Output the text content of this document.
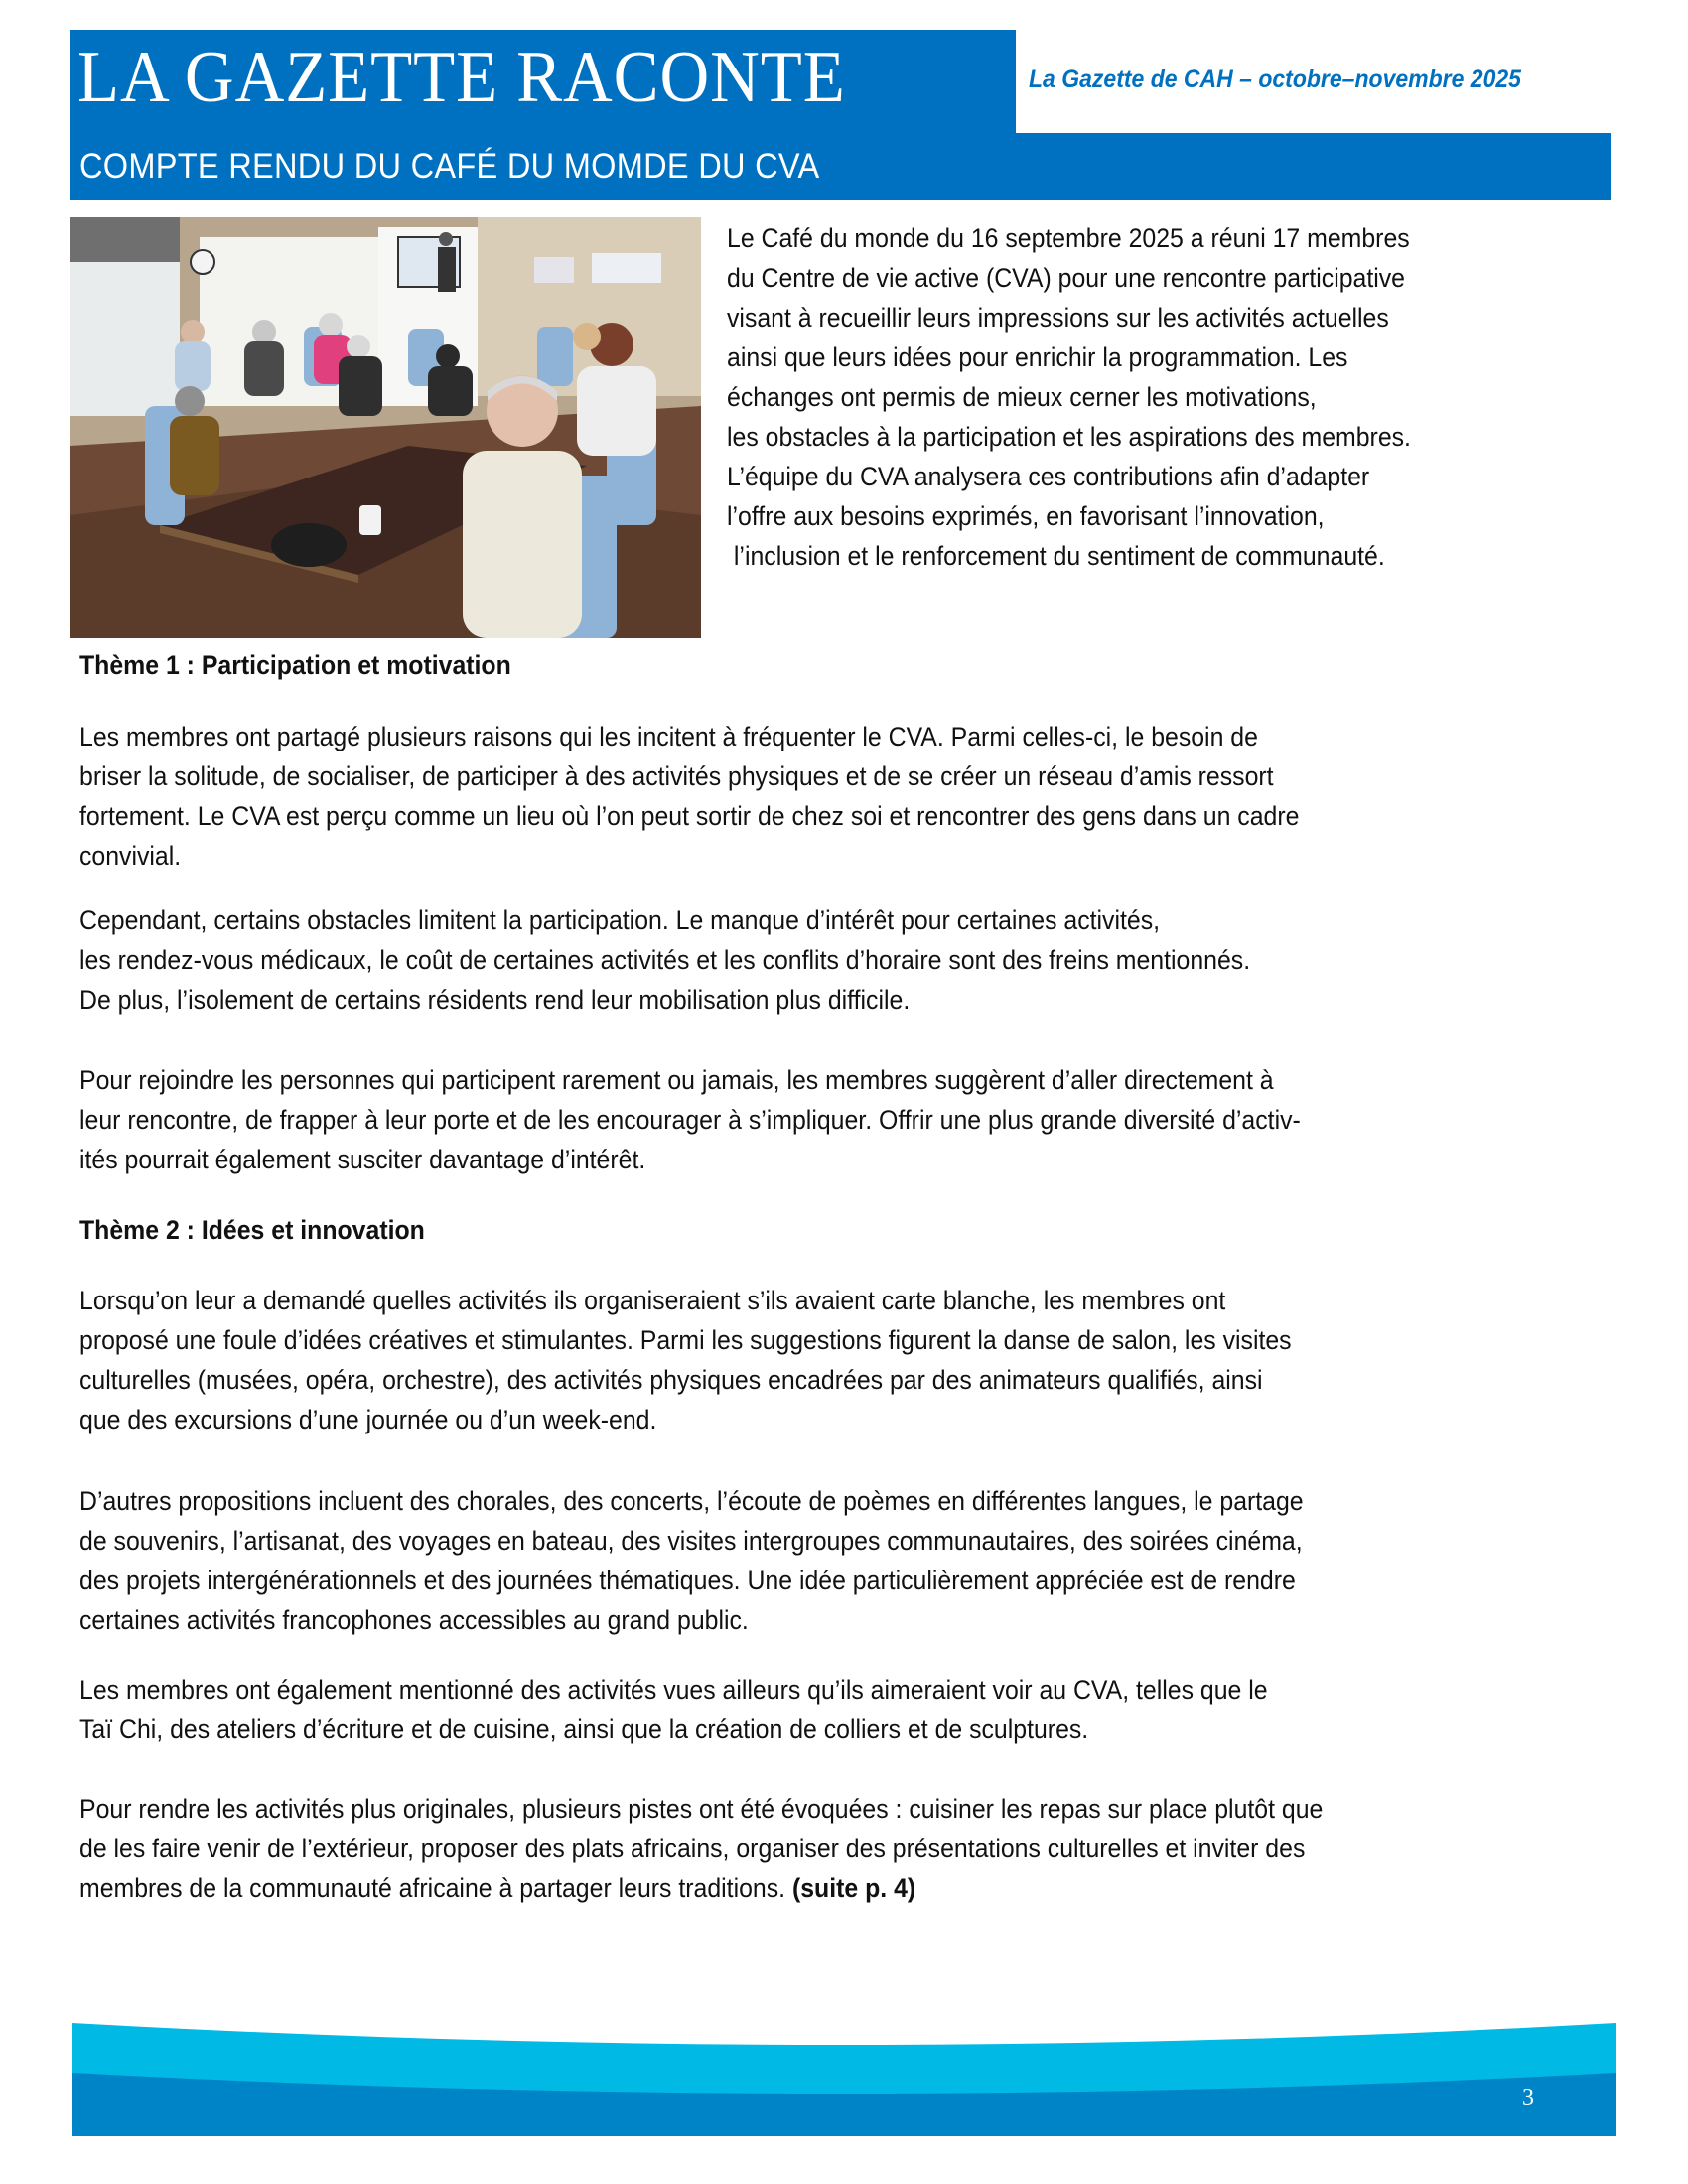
LA GAZETTE RACONTE	La Gazette de CAH – octobre–novembre 2025
COMPTE RENDU DU CAFÉ DU MOMDE DU CVA
Le Café du monde du 16 septembre 2025 a réuni 17 membres
du Centre de vie active (CVA) pour une rencontre participative
visant à recueillir leurs impressions sur les activités actuelles
ainsi que leurs idées pour enrichir la programmation. Les
échanges ont permis de mieux cerner les motivations,
les obstacles à la participation et les aspirations des membres.
L’équipe du CVA analysera ces contributions afin d’adapter
l’offre aux besoins exprimés, en favorisant l’innovation,
l’inclusion et le renforcement du sentiment de communauté.
Thème 1 : Participation et motivation
Les membres ont partagé plusieurs raisons qui les incitent à fréquenter le CVA. Parmi celles-ci, le besoin de
briser la solitude, de socialiser, de participer à des activités physiques et de se créer un réseau d’amis ressort
fortement. Le CVA est perçu comme un lieu où l’on peut sortir de chez soi et rencontrer des gens dans un cadre
convivial.
Cependant, certains obstacles limitent la participation. Le manque d’intérêt pour certaines activités,
les rendez-vous médicaux, le coût de certaines activités et les conflits d’horaire sont des freins mentionnés.
De plus, l’isolement de certains résidents rend leur mobilisation plus difficile.
Pour rejoindre les personnes qui participent rarement ou jamais, les membres suggèrent d’aller directement à
leur rencontre, de frapper à leur porte et de les encourager à s’impliquer. Offrir une plus grande diversité d’activ-
ités pourrait également susciter davantage d’intérêt.
Thème 2 : Idées et innovation
Lorsqu’on leur a demandé quelles activités ils organiseraient s’ils avaient carte blanche, les membres ont
proposé une foule d’idées créatives et stimulantes. Parmi les suggestions figurent la danse de salon, les visites
culturelles (musées, opéra, orchestre), des activités physiques encadrées par des animateurs qualifiés, ainsi
que des excursions d’une journée ou d’un week-end.
D’autres propositions incluent des chorales, des concerts, l’écoute de poèmes en différentes langues, le partage
de souvenirs, l’artisanat, des voyages en bateau, des visites intergroupes communautaires, des soirées cinéma,
des projets intergénérationnels et des journées thématiques. Une idée particulièrement appréciée est de rendre
certaines activités francophones accessibles au grand public.
Les membres ont également mentionné des activités vues ailleurs qu’ils aimeraient voir au CVA, telles que le
Taï Chi, des ateliers d’écriture et de cuisine, ainsi que la création de colliers et de sculptures.
Pour rendre les activités plus originales, plusieurs pistes ont été évoquées : cuisiner les repas sur place plutôt que
de les faire venir de l’extérieur, proposer des plats africains, organiser des présentations culturelles et inviter des
membres de la communauté africaine à partager leurs traditions. (suite p. 4)
3
